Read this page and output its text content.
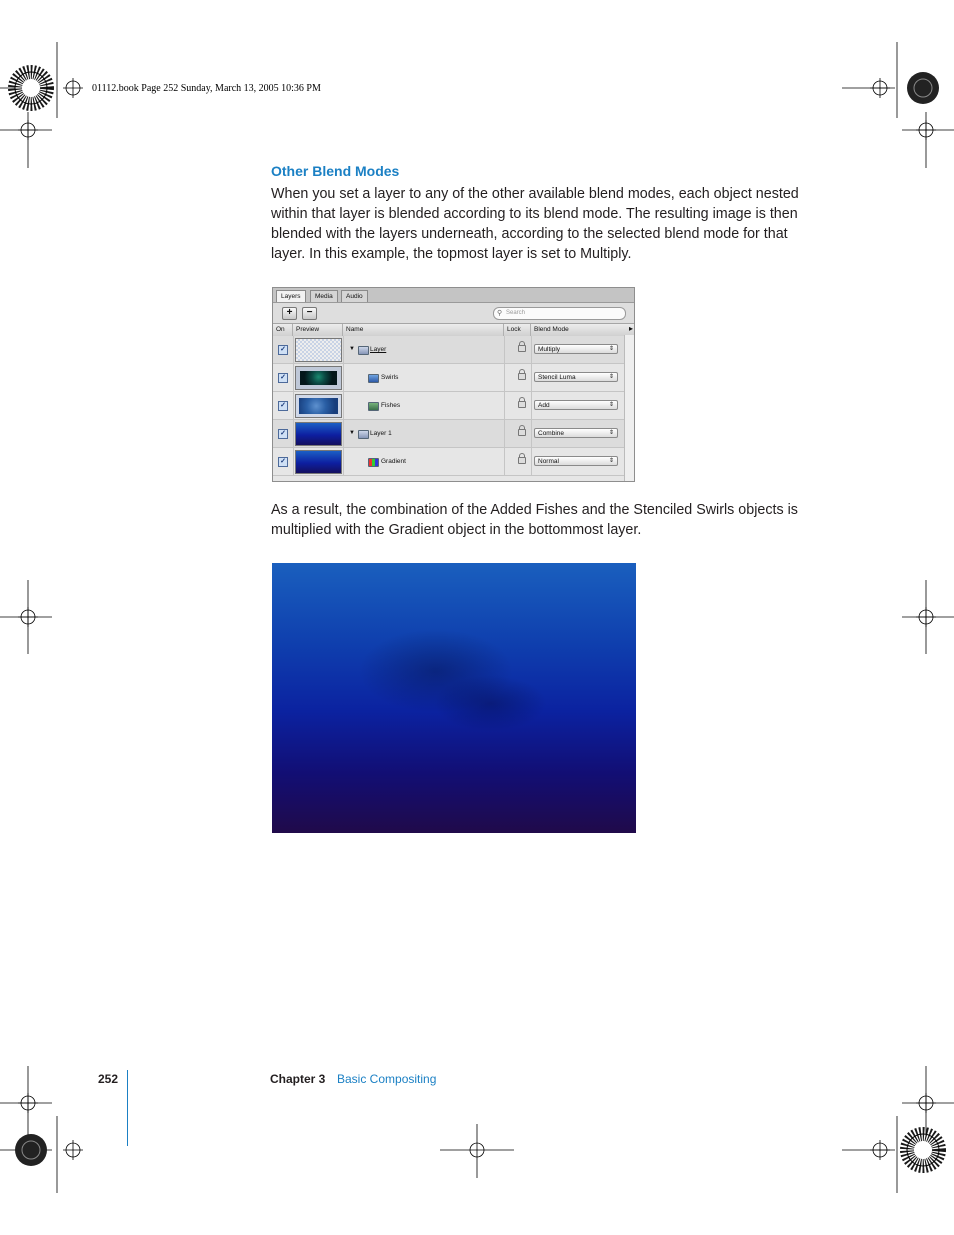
01112.book Page 252 Sunday, March 13, 2005 10:36 PM
Other Blend Modes
When you set a layer to any of the other available blend modes, each object nested within that layer is blended according to its blend mode. The resulting image is then blended with the layers underneath, according to the selected blend mode for that layer. In this example, the topmost layer is set to Multiply.
Layers	Media	Audio
+	−	⚲ Search
On	Preview	Name	Lock	Blend Mode	▸
✓	▼ Layer	Multiply	⇕
✓	Swirls	Stencil Luma	⇕
✓	Fishes	Add	⇕
✓	▼ Layer 1	Combine	⇕
✓	Gradient	Normal	⇕
As a result, the combination of the Added Fishes and the Stenciled Swirls objects is multiplied with the Gradient object in the bottommost layer.
252	Chapter 3 Basic Compositing
